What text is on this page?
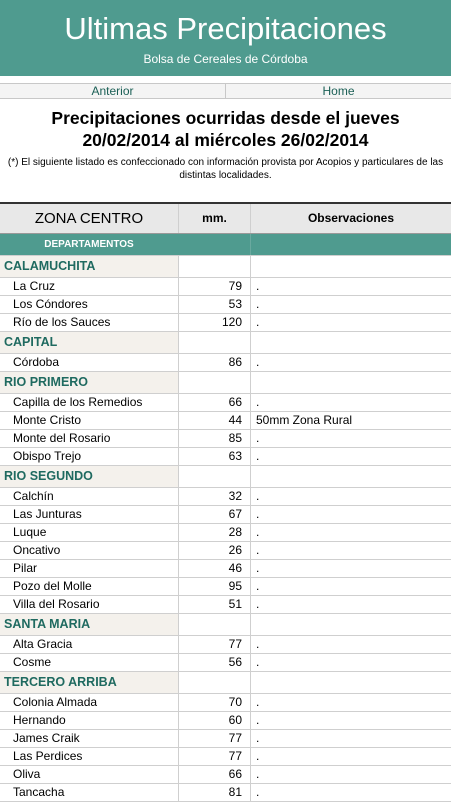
Ultimas Precipitaciones
Bolsa de Cereales de Córdoba
Anterior	Home
Precipitaciones ocurridas desde el jueves
20/02/2014 al miércoles 26/02/2014
(*) El siguiente listado es confeccionado con información provista por Acopios y particulares de las distintas localidades.
ZONA CENTRO	mm.	Observaciones
DEPARTAMENTOS
CALAMUCHITA
La Cruz	79	.
Los Cóndores	53	.
Río de los Sauces	120	.
CAPITAL
Córdoba	86	.
RIO PRIMERO
Capilla de los Remedios	66	.
Monte Cristo	44	50mm Zona Rural
Monte del Rosario	85	.
Obispo Trejo	63	.
RIO SEGUNDO
Calchín	32	.
Las Junturas	67	.
Luque	28	.
Oncativo	26	.
Pilar	46	.
Pozo del Molle	95	.
Villa del Rosario	51	.
SANTA MARIA
Alta Gracia	77	.
Cosme	56	.
TERCERO ARRIBA
Colonia Almada	70	.
Hernando	60	.
James Craik	77	.
Las Perdices	77	.
Oliva	66	.
Tancacha	81	.
